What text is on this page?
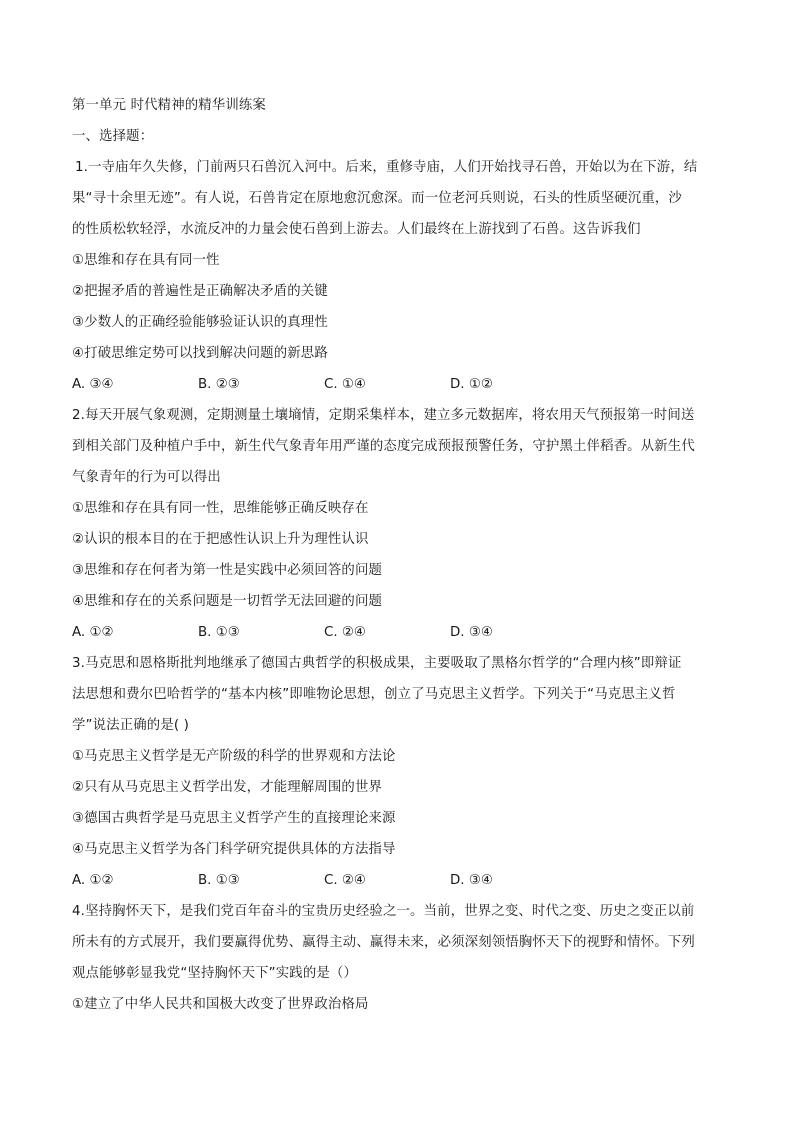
第一单元 时代精神的精华训练案
一、选择题：
1.一寺庙年久失修，门前两只石兽沉入河中。后来，重修寺庙，人们开始找寻石兽，开始以为在下游，结
果“寻十余里无迹”。有人说，石兽肯定在原地愈沉愈深。而一位老河兵则说，石头的性质坚硬沉重，沙
的性质松软轻浮，水流反冲的力量会使石兽到上游去。人们最终在上游找到了石兽。这告诉我们
①思维和存在具有同一性
②把握矛盾的普遍性是正确解决矛盾的关键
③少数人的正确经验能够验证认识的真理性
④打破思维定势可以找到解决问题的新思路
A. ③④	B. ②③	C. ①④	D. ①②
2.每天开展气象观测，定期测量土壤墒情，定期采集样本，建立多元数据库，将农用天气预报第一时间送
到相关部门及种植户手中，新生代气象青年用严谨的态度完成预报预警任务，守护黑土伴稻香。从新生代
气象青年的行为可以得出
①思维和存在具有同一性，思维能够正确反映存在
②认识的根本目的在于把感性认识上升为理性认识
③思维和存在何者为第一性是实践中必须回答的问题
④思维和存在的关系问题是一切哲学无法回避的问题
A. ①②	B. ①③	C. ②④	D. ③④
3.马克思和恩格斯批判地继承了德国古典哲学的积极成果，主要吸取了黑格尔哲学的“合理内核”即辩证
法思想和费尔巴哈哲学的“基本内核”即唯物论思想，创立了马克思主义哲学。下列关于“马克思主义哲
学”说法正确的是( )
①马克思主义哲学是无产阶级的科学的世界观和方法论
②只有从马克思主义哲学出发，才能理解周围的世界
③德国古典哲学是马克思主义哲学产生的直接理论来源
④马克思主义哲学为各门科学研究提供具体的方法指导
A. ①②	B. ①③	C. ②④	D. ③④
4.坚持胸怀天下，是我们党百年奋斗的宝贵历史经验之一。当前，世界之变、时代之变、历史之变正以前
所未有的方式展开，我们要赢得优势、赢得主动、赢得未来，必须深刻领悟胸怀天下的视野和情怀。下列
观点能够彰显我党“坚持胸怀天下”实践的是（）
①建立了中华人民共和国极大改变了世界政治格局
